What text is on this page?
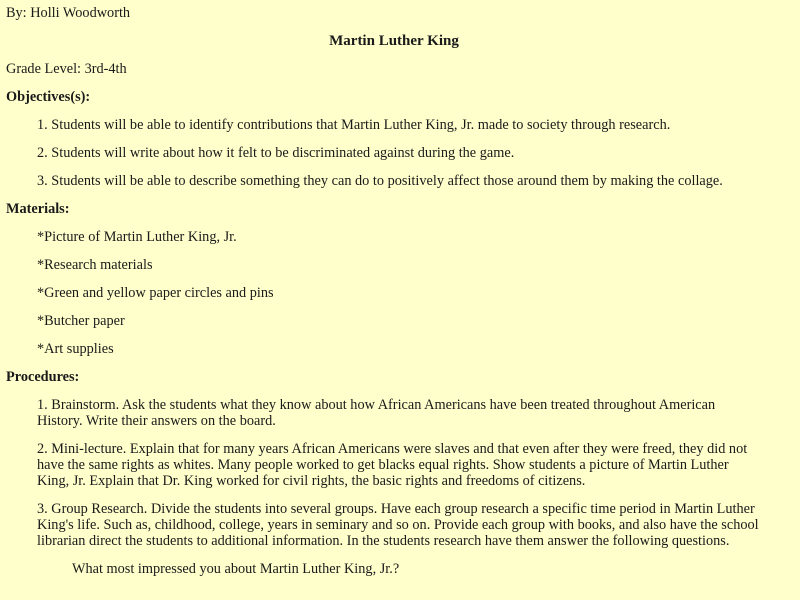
By: Holli Woodworth

Martin Luther King

Grade Level: 3rd-4th

Objectives(s):

1. Students will be able to identify contributions that Martin Luther King, Jr. made to society through research.

2. Students will write about how it felt to be discriminated against during the game.

3. Students will be able to describe something they can do to positively affect those around them by making the collage.

Materials:

*Picture of Martin Luther King, Jr.

*Research materials

*Green and yellow paper circles and pins

*Butcher paper

*Art supplies

Procedures:

1. Brainstorm. Ask the students what they know about how African Americans have been treated throughout American History. Write their answers on the board.

2. Mini-lecture. Explain that for many years African Americans were slaves and that even after they were freed, they did not have the same rights as whites. Many people worked to get blacks equal rights. Show students a picture of Martin Luther King, Jr. Explain that Dr. King worked for civil rights, the basic rights and freedoms of citizens.

3. Group Research. Divide the students into several groups. Have each group research a specific time period in Martin Luther King's life. Such as, childhood, college, years in seminary and so on. Provide each group with books, and also have the school librarian direct the students to additional information. In the students research have them answer the following questions.

What most impressed you about Martin Luther King, Jr.?
